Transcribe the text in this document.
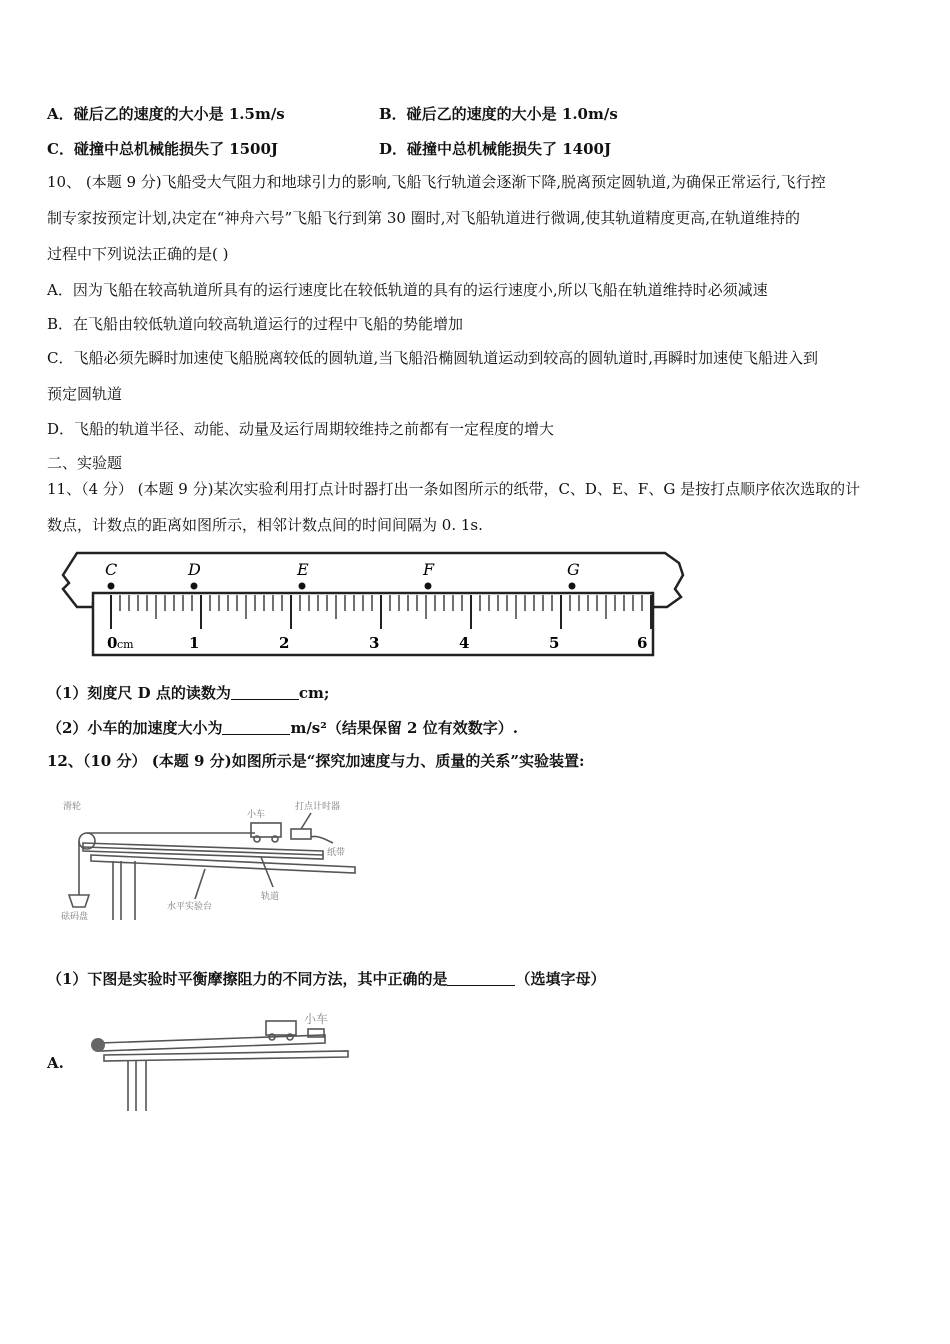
A．碰后乙的速度的大小是 1.5m/s	B．碰后乙的速度的大小是 1.0m/s
C．碰撞中总机械能损失了 1500J	D．碰撞中总机械能损失了 1400J
10、 (本题 9 分)飞船受大气阻力和地球引力的影响,飞船飞行轨道会逐渐下降,脱离预定圆轨道,为确保正常运行,飞行控
制专家按预定计划,决定在“神舟六号”飞船飞行到第 30 圈时,对飞船轨道进行微调,使其轨道精度更高,在轨道维持的
过程中下列说法正确的是( )
A．因为飞船在较高轨道所具有的运行速度比在较低轨道的具有的运行速度小,所以飞船在轨道维持时必须减速
B．在飞船由较低轨道向较高轨道运行的过程中飞船的势能增加
C．飞船必须先瞬时加速使飞船脱离较低的圆轨道,当飞船沿椭圆轨道运动到较高的圆轨道时,再瞬时加速使飞船进入到
预定圆轨道
D．飞船的轨道半径、动能、动量及运行周期较维持之前都有一定程度的增大
二、实验题
11、（4 分） (本题 9 分)某次实验利用打点计时器打出一条如图所示的纸带，C、D、E、F、G 是按打点顺序依次选取的计
数点，计数点的距离如图所示，相邻计数点间的时间间隔为 0. 1s.
0 cm	1	2	3	4	5	6
C	D	E	F	G
（1）刻度尺 D 点的读数为	cm;
（2）小车的加速度大小为	m/s²（结果保留 2 位有效数字）.
12、（10 分） (本题 9 分)如图所示是“探究加速度与力、质量的关系”实验装置:
滑轮
小车
打点计时器
纸带
轨道
水平实验台
砝码盘
（1）下图是实验时平衡摩擦阻力的不同方法，其中正确的是	（选填字母）
A.
小车
